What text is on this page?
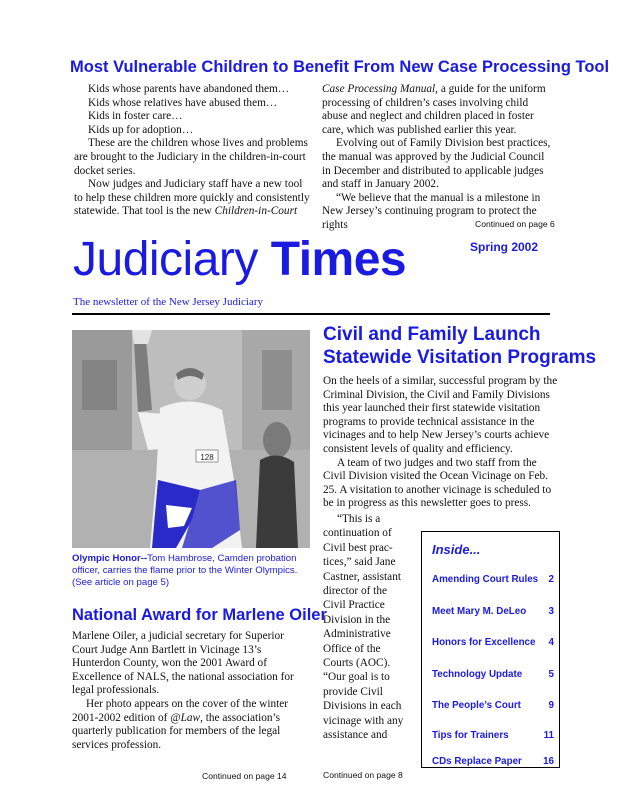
Most Vulnerable Children to Benefit From New Case Processing Tool

Kids whose parents have abandoned them…

Kids whose relatives have abused them…

Kids in foster care…

Kids up for adoption…

These are the children whose lives and problems are brought to the Judiciary in the children-in-court docket series.

Now judges and Judiciary staff have a new tool to help these children more quickly and consistently statewide. That tool is the new Children-in-Court

Case Processing Manual, a guide for the uniform processing of children’s cases involving child abuse and neglect and children placed in foster care, which was published earlier this year.

Evolving out of Family Division best practices, the manual was approved by the Judicial Council in December and distributed to applicable judges and staff in January 2002.

“We believe that the manual is a milestone in New Jersey’s continuing program to protect the rights	Continued on page 6
Judiciary Times	Spring 2002
The newsletter of the New Jersey Judiciary
128
Olympic Honor--Tom Hambrose, Camden probation officer, carries the flame prior to the Winter Olympics. (See article on page 5)
National Award for Marlene Oiler

Marlene Oiler, a judicial secretary for Superior Court Judge Ann Bartlett in Vicinage 13’s Hunterdon County, won the 2001 Award of Excellence of NALS, the national association for legal professionals.

Her photo appears on the cover of the winter 2001-2002 edition of @Law, the association’s quarterly publication for members of the legal services profession.

Continued on page 14
Civil and Family Launch
Statewide Visitation Programs

On the heels of a similar, successful program by the Criminal Division, the Civil and Family Divisions this year launched their first statewide visitation programs to provide technical assistance in the vicinages and to help New Jersey’s courts achieve consistent levels of quality and efficiency.

A team of two judges and two staff from the Civil Division visited the Ocean Vicinage on Feb. 25. A visitation to another vicinage is scheduled to be in progress as this newsletter goes to press.

“This is a
continuation of
Civil best prac-
tices,” said Jane
Castner, assistant
director of the
Civil Practice
Division in the
Administrative
Office of the
Courts (AOC).
“Our goal is to
provide Civil
Divisions in each
vicinage with any
assistance and
Continued on page 8
Inside...
Amending Court Rules 2
Meet Mary M. DeLeo 3
Honors for Excellence 4
Technology Update	5
The People’s Court	9
Tips for Trainers	11
CDs Replace Paper 16
